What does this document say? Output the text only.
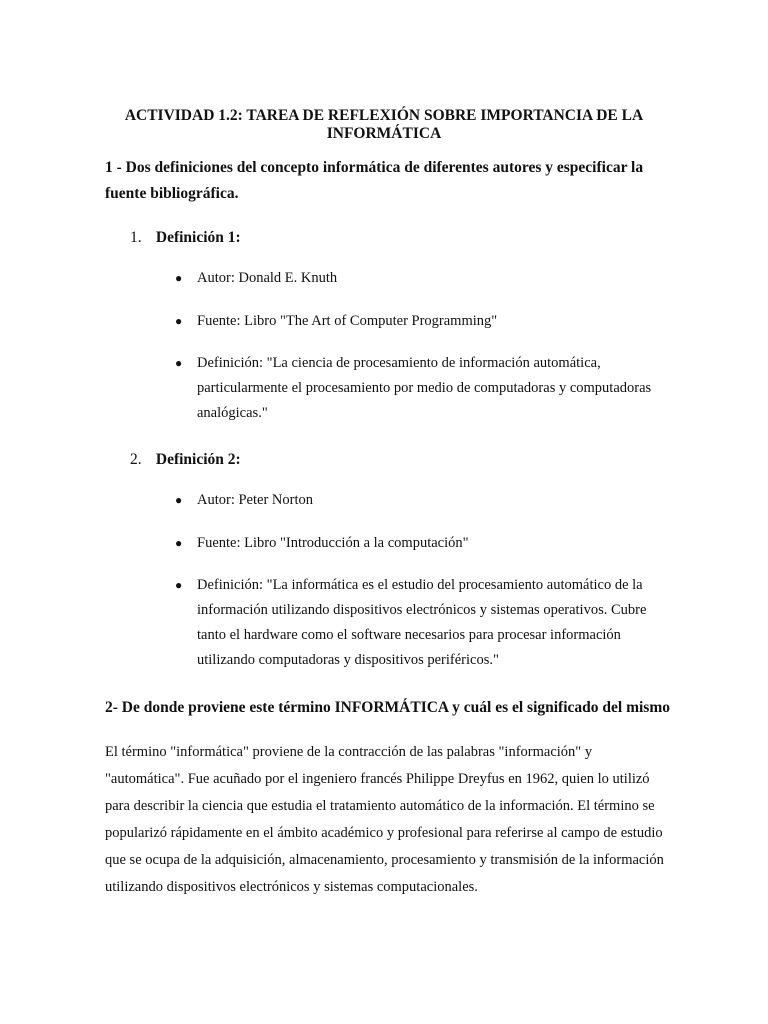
ACTIVIDAD 1.2: TAREA DE REFLEXIÓN SOBRE IMPORTANCIA DE LA
INFORMÁTICA
1 - Dos definiciones del concepto informática de diferentes autores y especificar la fuente bibliográfica.
1. Definición 1:
●	Autor: Donald E. Knuth
●	Fuente: Libro "The Art of Computer Programming"
●	Definición: "La ciencia de procesamiento de información automática, particularmente el procesamiento por medio de computadoras y computadoras analógicas."
2. Definición 2:
●	Autor: Peter Norton
●	Fuente: Libro "Introducción a la computación"
●	Definición: "La informática es el estudio del procesamiento automático de la información utilizando dispositivos electrónicos y sistemas operativos. Cubre tanto el hardware como el software necesarios para procesar información utilizando computadoras y dispositivos periféricos."
2- De donde proviene este término INFORMÁTICA y cuál es el significado del mismo
El término "informática" proviene de la contracción de las palabras "información" y "automática". Fue acuñado por el ingeniero francés Philippe Dreyfus en 1962, quien lo utilizó para describir la ciencia que estudia el tratamiento automático de la información. El término se popularizó rápidamente en el ámbito académico y profesional para referirse al campo de estudio que se ocupa de la adquisición, almacenamiento, procesamiento y transmisión de la información utilizando dispositivos electrónicos y sistemas computacionales.
